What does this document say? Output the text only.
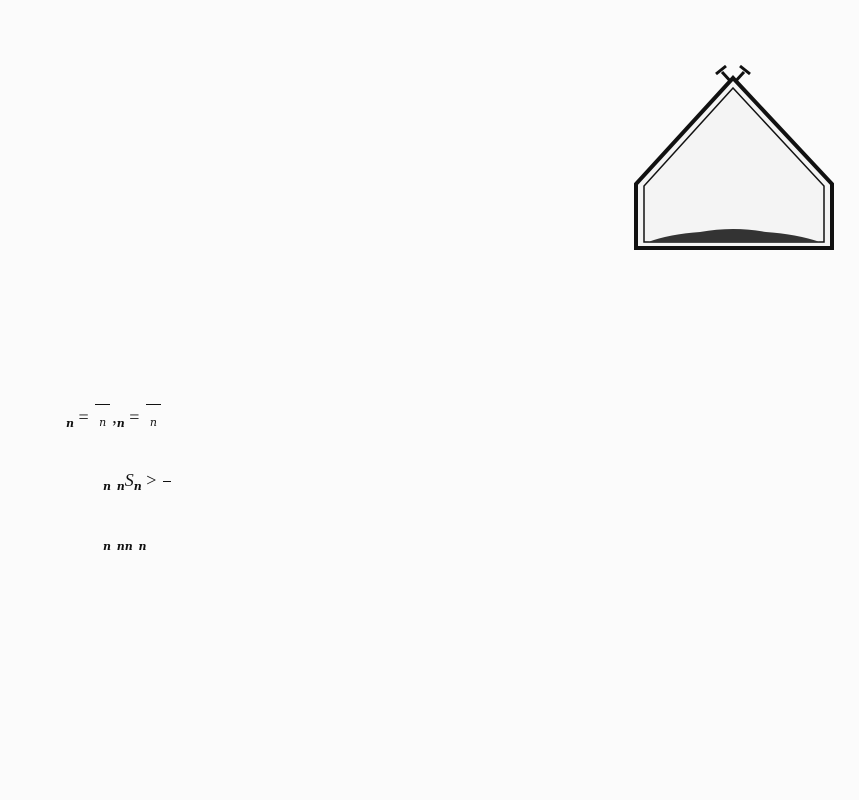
$_n$ = $_n$ $,_n = _n$
$_n$ $_nS_n$ >
$_n$ $_{nn}$ $_n$
